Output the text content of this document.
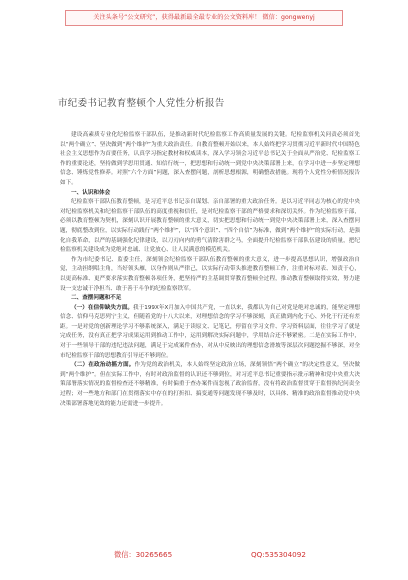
关注头条号“公文研究”，获得最新最全最专业的公文资料库！ 微信：gongwenyj
市纪委书记教育整顿个人党性分析报告

建设高素质专业化纪检监察干部队伍，是推动新时代纪检监察工作高质量发展的关键。纪检监察机关问责必须首先以“两个确立”、坚决做到“两个维护”为重大政治责任。自教育整顿开始以来，本人始终把学习贯彻习近平新时代中国特色社会主义思想作为首要任务，认真学习指定教材和权威读本，深入学习领会习近平总书记关于全面从严治党、纪检监察工作的重要论述，坚持做到学思用贯通、知信行统一，把思想和行动统一到党中央决策部署上来，在学习中进一步坚定理想信念、锤炼党性修养。对照“六个方面”问题，深入查摆问题，剖析思想根源，明确整改措施。现将个人党性分析情况报告如下。

一、认识和体会

纪检监察干部队伍教育整顿，是习近平总书记亲自谋划、亲自部署的重大政治任务。是以习近平同志为核心的党中央对纪检监察机关和纪检监察干部队伍的高度重视和信任，是对纪检监察干部的严格要求和深切关怀。作为纪检监察干部，必须以教育整顿为契机，深刻认识开展教育整顿的重大意义，切实把思想和行动统一到党中央决策部署上来，深入查摆问题，彻底整改到位，以实际行动践行“两个维护”，以“四个意识”、“四个自信”为标准，做到“两个维护”的实际行动，是强化自我革命，以严的基调强化纪律建设，以刀刃向内的勇气清除害群之马，全面提升纪检监察干部队伍建设的质量，把纪检监察机关建设成为党绝对忠诚、让党放心、让人民满意的模范机关。

作为市纪委书记、监委主任，深刻领会纪检监察干部队伍教育整顿的重大意义，进一步提高思想认识，增强政治自觉，主动担纲唱主角，当好领头雁，以身作则从严律己，以实际行动带头推进教育整顿工作，注重对标对表、知责于心，以更高标准、更严要求落实教育整顿各项任务，把坚持严的主基调贯穿教育整顿全过程，推动教育整顿取得实效，努力建设一支忠诚干净担当、敢于善于斗争的纪检监察铁军。

二、查摆问题和不足

（一）在信仰缺失方面。我于199X年X月加入中国共产党，一直以来，我都认为自己对党是绝对忠诚的，能坚定理想信念、信仰马克思列宁主义，但随着党的十八大以来，对理想信念的学习不够深刻，真正做到内化于心、外化于行还有差距。一是对党的创新理论学习不够系统深入，满足于读原文、记笔记，停留在学习文件、学习资料层面，往往学习了就是完成任务，没有真正把学习成果运用到推动工作中，运用到解决实际问题中，学用结合还不够紧密。二是在实际工作中，对于一些领导干部的违纪违法问题，满足于完成案件查办，对从中反映出的理想信念滑坡等深层次问题挖掘不够深，对全市纪检监察干部的思想教育引导还不够到位。

（二）在政治动摇方面。作为党的政治机关，本人始终坚定政治立场，深刻领悟“两个确立”的决定性意义，坚决做到“两个维护”。但在实际工作中，有时对政治监督的认识还不够到位，对习近平总书记重要指示批示精神和党中央重大决策部署落实情况的监督检查还不够精准，有时偏重于查办案件而忽视了政治监督，没有将政治监督贯穿于监督执纪问责全过程；对一些地方和部门在贯彻落实中存在的打折扣、搞变通等问题发现不够及时，以具体、精准的政治监督推动党中央决策部署落地见效的能力还需进一步提升。

微信：30265665	QQ:535304092
